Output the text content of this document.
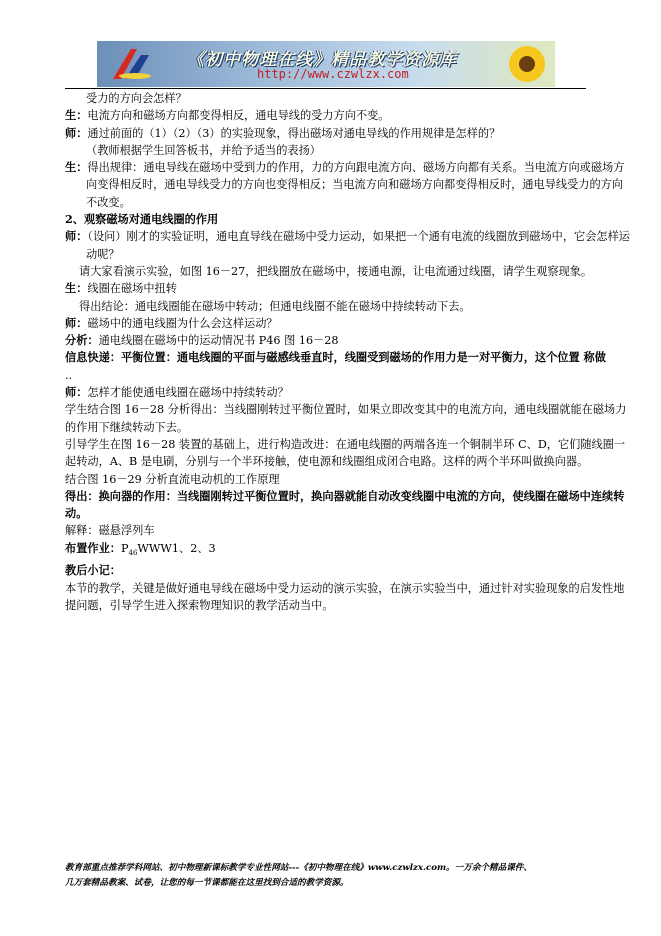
《初中物理在线》精品教学资源库
http://www.czwlzx.com

受力的方向会怎样？

生：电流方向和磁场方向都变得相反，通电导线的受力方向不变。

师：通过前面的（1）（2）（3）的实验现象，得出磁场对通电导线的作用规律是怎样的？

（教师根据学生回答板书，并给予适当的表扬）

生：得出规律：通电导线在磁场中受到力的作用，力的方向跟电流方向、磁场方向都有关系。当电流方向或磁场方向变得相反时，通电导线受力的方向也变得相反；当电流方向和磁场方向都变得相反时，通电导线受力的方向不改变。

2、观察磁场对通电线圈的作用

师：（设问）刚才的实验证明，通电直导线在磁场中受力运动，如果把一个通有电流的线圈放到磁场中，它会怎样运动呢？

请大家看演示实验，如图 16－27，把线圈放在磁场中，接通电源，让电流通过线圈，请学生观察现象。

生：线圈在磁场中扭转

得出结论：通电线圈能在磁场中转动；但通电线圈不能在磁场中持续转动下去。

师：磁场中的通电线圈为什么会这样运动？

分析：通电线圈在磁场中的运动情况书 P46 图 16－28

信息快递：平衡位置：通电线圈的平面与磁感线垂直时，线圈受到磁场的作用力是一对平衡力，这个位置 称做

..

师：怎样才能使通电线圈在磁场中持续转动？

学生结合图 16－28 分析得出：当线圈刚转过平衡位置时，如果立即改变其中的电流方向，通电线圈就能在磁场力的作用下继续转动下去。

引导学生在图 16－28 装置的基础上，进行构造改进：在通电线圈的两端各连一个铜制半环 C、D，它们随线圈一起转动，A、B 是电刷，分别与一个半环接触，使电源和线圈组成闭合电路。这样的两个半环叫做换向器。

结合图 16－29 分析直流电动机的工作原理

得出：换向器的作用：当线圈刚转过平衡位置时，换向器就能自动改变线圈中电流的方向，使线圈在磁场中连续转动。

解释：磁悬浮列车

布置作业：$P_{46}WWW1$、2、3

教后小记：

本节的教学，关键是做好通电导线在磁场中受力运动的演示实验，在演示实验当中，通过针对实验现象的启发性地提问题，引导学生进入探索物理知识的教学活动当中。

教育部重点推荐学科网站、初中物理新课标教学专业性网站---《初中物理在线》www.czwlzx.com。一万余个精品课件、
几万套精品教案、试卷，让您的每一节课都能在这里找到合适的教学资源。
